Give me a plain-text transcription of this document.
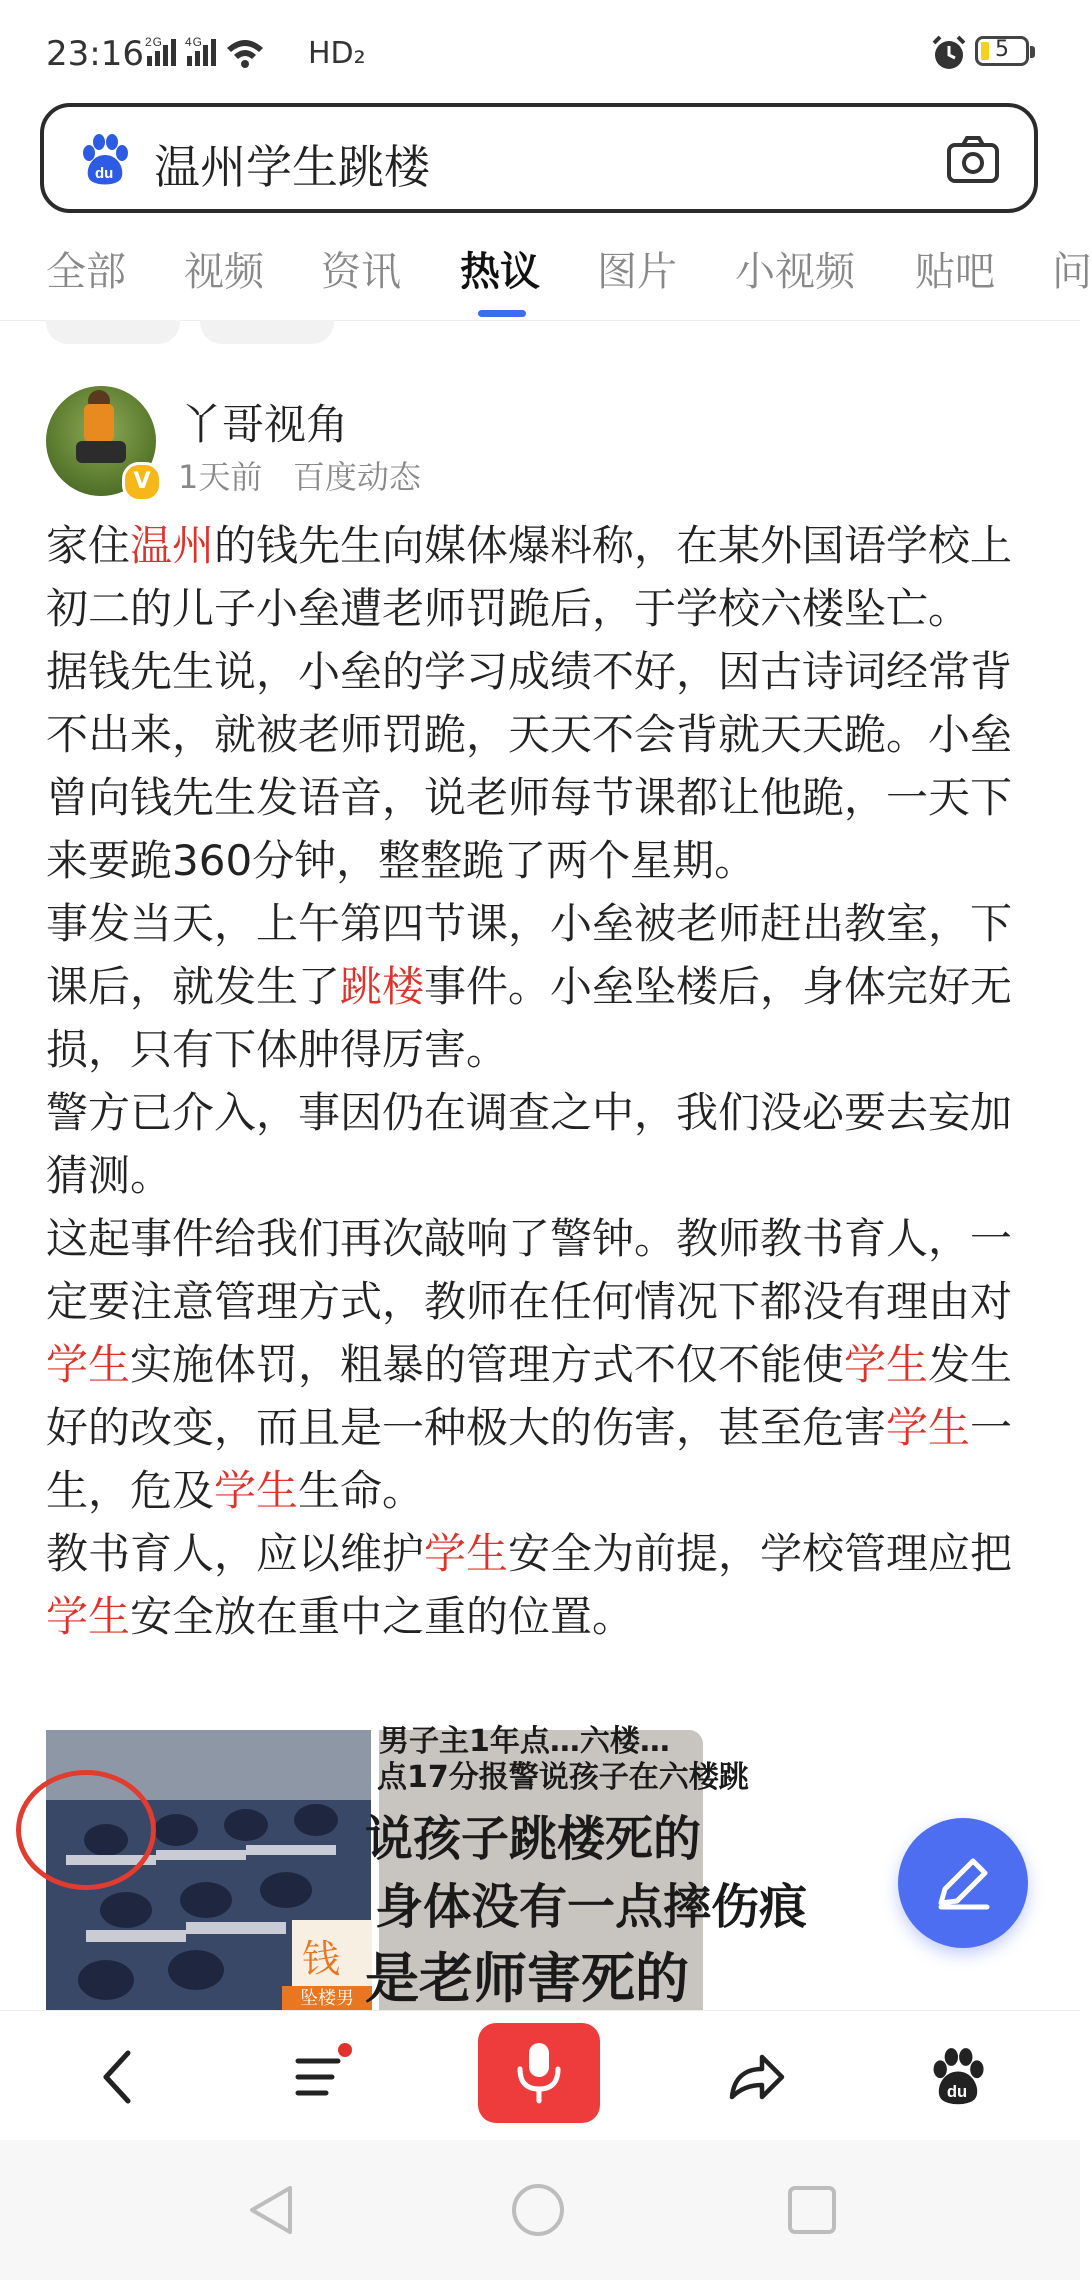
23:16 2G 4G	HD₂	5
du 温州学生跳楼
全部 视频 资讯 热议 图片 小视频 贴吧 问
V
丫哥视角
1天前 百度动态

家住温州的钱先生向媒体爆料称，在某外国语学校上初二的儿子小垒遭老师罚跪后，于学校六楼坠亡。

据钱先生说，小垒的学习成绩不好，因古诗词经常背不出来，就被老师罚跪，天天不会背就天天跪。小垒曾向钱先生发语音，说老师每节课都让他跪，一天下来要跪360分钟，整整跪了两个星期。

事发当天，上午第四节课，小垒被老师赶出教室，下课后，就发生了跳楼事件。小垒坠楼后，身体完好无损，只有下体肿得厉害。

警方已介入，事因仍在调查之中，我们没必要去妄加猜测。

这起事件给我们再次敲响了警钟。教师教书育人，一定要注意管理方式，教师在任何情况下都没有理由对学生实施体罚，粗暴的管理方式不仅不能使学生发生好的改变，而且是一种极大的伤害，甚至危害学生一生，危及学生生命。

教书育人，应以维护学生安全为前提，学校管理应把学生安全放在重中之重的位置。

钱
坠楼男
男子主1年点…六楼…
点17分报警说孩子在六楼跳
说孩子跳楼死的
身体没有一点摔伤痕
是老师害死的
du
